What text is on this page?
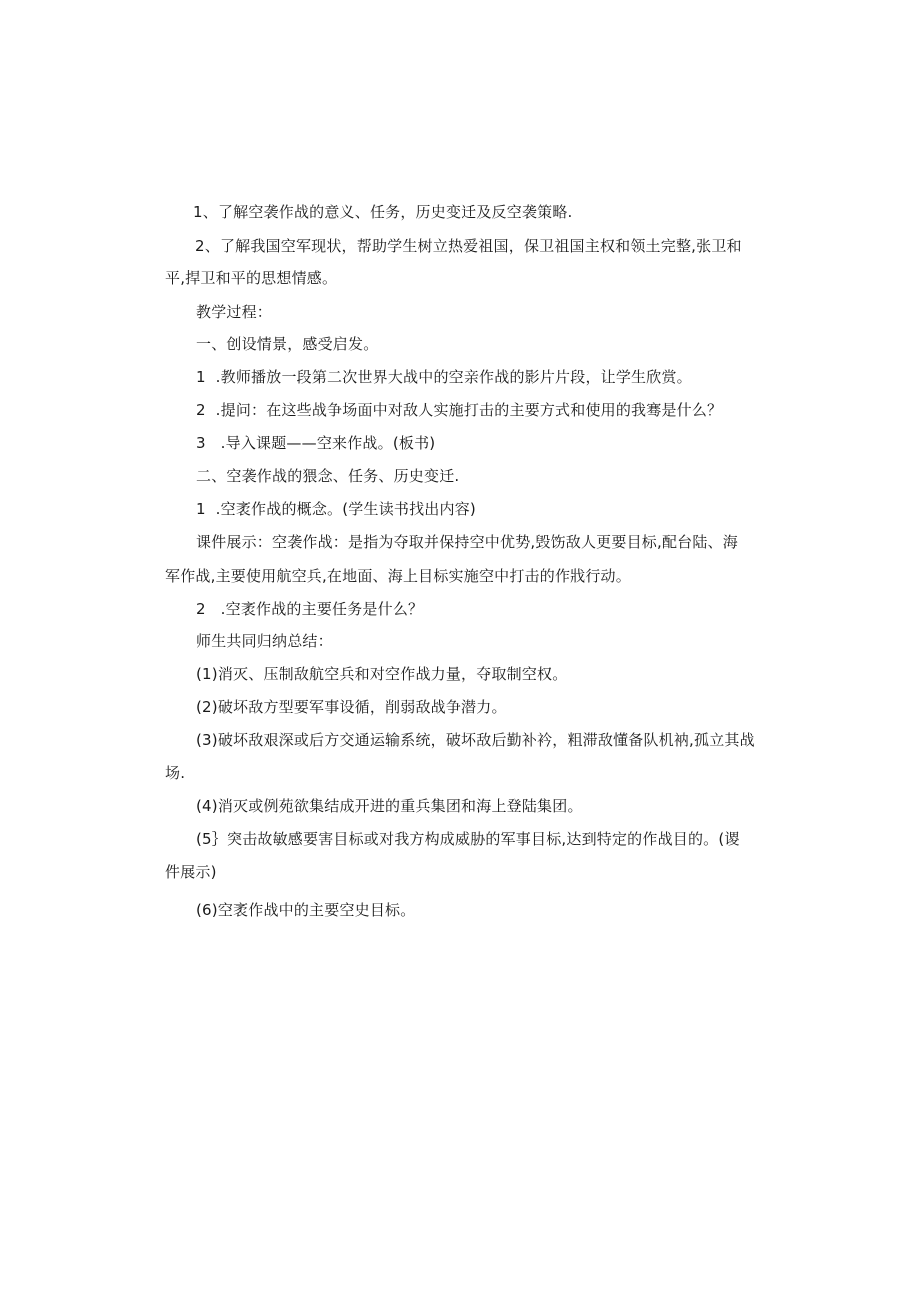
1、了解空袭作战的意义、任务，历史变迁及反空袭策略.
2、了解我国空军现状，帮助学生树立热爱祖国，保卫祖国主权和领土完整,张卫和
平,捍卫和平的思想情感。
教学过程：
一、创设情景，感受启发。
1  .教师播放一段第二次世界大战中的空亲作战的影片片段，让学生欣赏。
2  .提问：在这些战争场面中对敌人实施打击的主要方式和使用的我骞是什么？
3   .导入课题——空来作战。(板书)
二、空袭作战的猥念、任务、历史变迁.
1  .空袤作战的概念。(学生读书找出内容)
课件展示：空袭作战：是指为夺取并保持空中优势,毁饬敌人更要目标,配台陆、海
军作战,主要使用航空兵,在地面、海上目标实施空中打击的作戕行动。
2   .空袤作战的主要任务是什么？
师生共同归纳总结：
(1)消灭、压制敌航空兵和对空作战力量，夺取制空权。
(2)破坏敌方型要军事设循，削弱敌战争潜力。
(3)破坏敌艰深或后方交通运输系统，破坏敌后勤补衿，粗滞敌懂备队机衲,孤立其战
场.
(4)消灭或例苑欲集结成开进的重兵集团和海上登陆集团。
(5｝突击故敏感要害目标或对我方构成威胁的军事目标,达到特定的作战目的。(谡
件展示)
(6)空袤作战中的主要空史目标。
